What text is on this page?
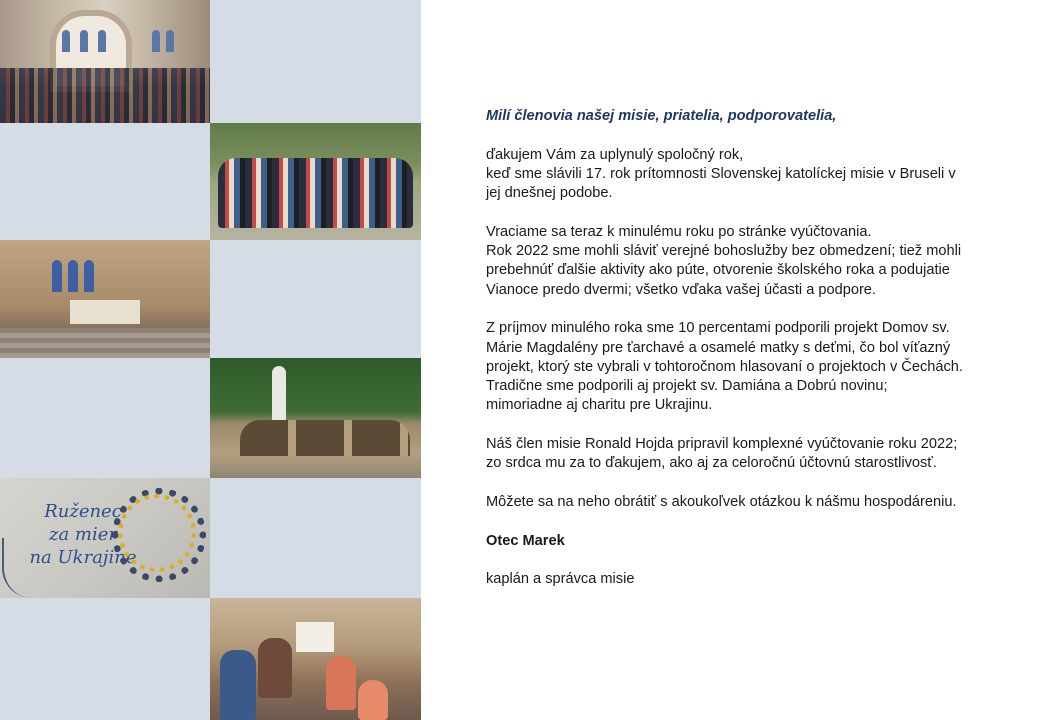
Ruženec
za mier
na Ukrajine

Milí členovia našej misie, priatelia, podporovatelia,

ďakujem Vám za uplynulý spoločný rok,
keď sme slávili 17. rok prítomnosti Slovenskej katolíckej misie v Bruseli v jej dnešnej podobe.

Vraciame sa teraz k minulému roku po stránke vyúčtovania.
Rok 2022 sme mohli sláviť verejné bohoslužby bez obmedzení; tiež mohli prebehnúť ďalšie aktivity ako púte, otvorenie školského roka a podujatie Vianoce predo dvermi; všetko vďaka vašej účasti a podpore.

Z príjmov minulého roka sme 10 percentami podporili projekt Domov sv. Márie Magdalény pre ťarchavé a osamelé matky s deťmi, čo bol víťazný projekt, ktorý ste vybrali v tohtoročnom hlasovaní o projektoch v Čechách.
Tradične sme podporili aj projekt sv. Damiána a Dobrú novinu; mimoriadne aj charitu pre Ukrajinu.

Náš člen misie Ronald Hojda pripravil komplexné vyúčtovanie roku 2022; zo srdca mu za to ďakujem, ako aj za celoročnú účtovnú starostlivosť.

Môžete sa na neho obrátiť s akoukoľvek otázkou k nášmu hospodáreniu.

Otec Marek

kaplán a správca misie
